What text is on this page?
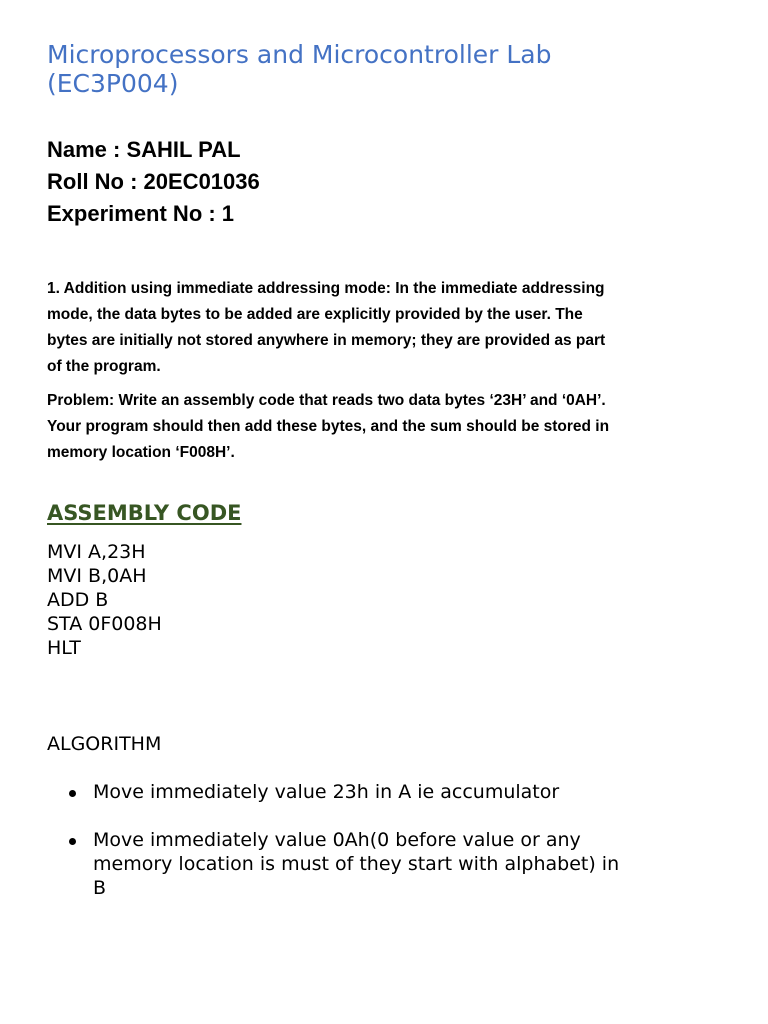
Microprocessors and Microcontroller Lab
(EC3P004)
Name : SAHIL PAL
Roll No : 20EC01036
Experiment No : 1
1. Addition using immediate addressing mode: In the immediate addressing
mode, the data bytes to be added are explicitly provided by the user. The
bytes are initially not stored anywhere in memory; they are provided as part
of the program.
Problem: Write an assembly code that reads two data bytes ‘23H’ and ‘0AH’.
Your program should then add these bytes, and the sum should be stored in
memory location ‘F008H’.
ASSEMBLY CODE
MVI A,23H
MVI B,0AH
ADD B
STA 0F008H
HLT
ALGORITHM
Move immediately value 23h in A ie accumulator
Move immediately value 0Ah(0 before value or any
memory location is must of they start with alphabet) in
B
